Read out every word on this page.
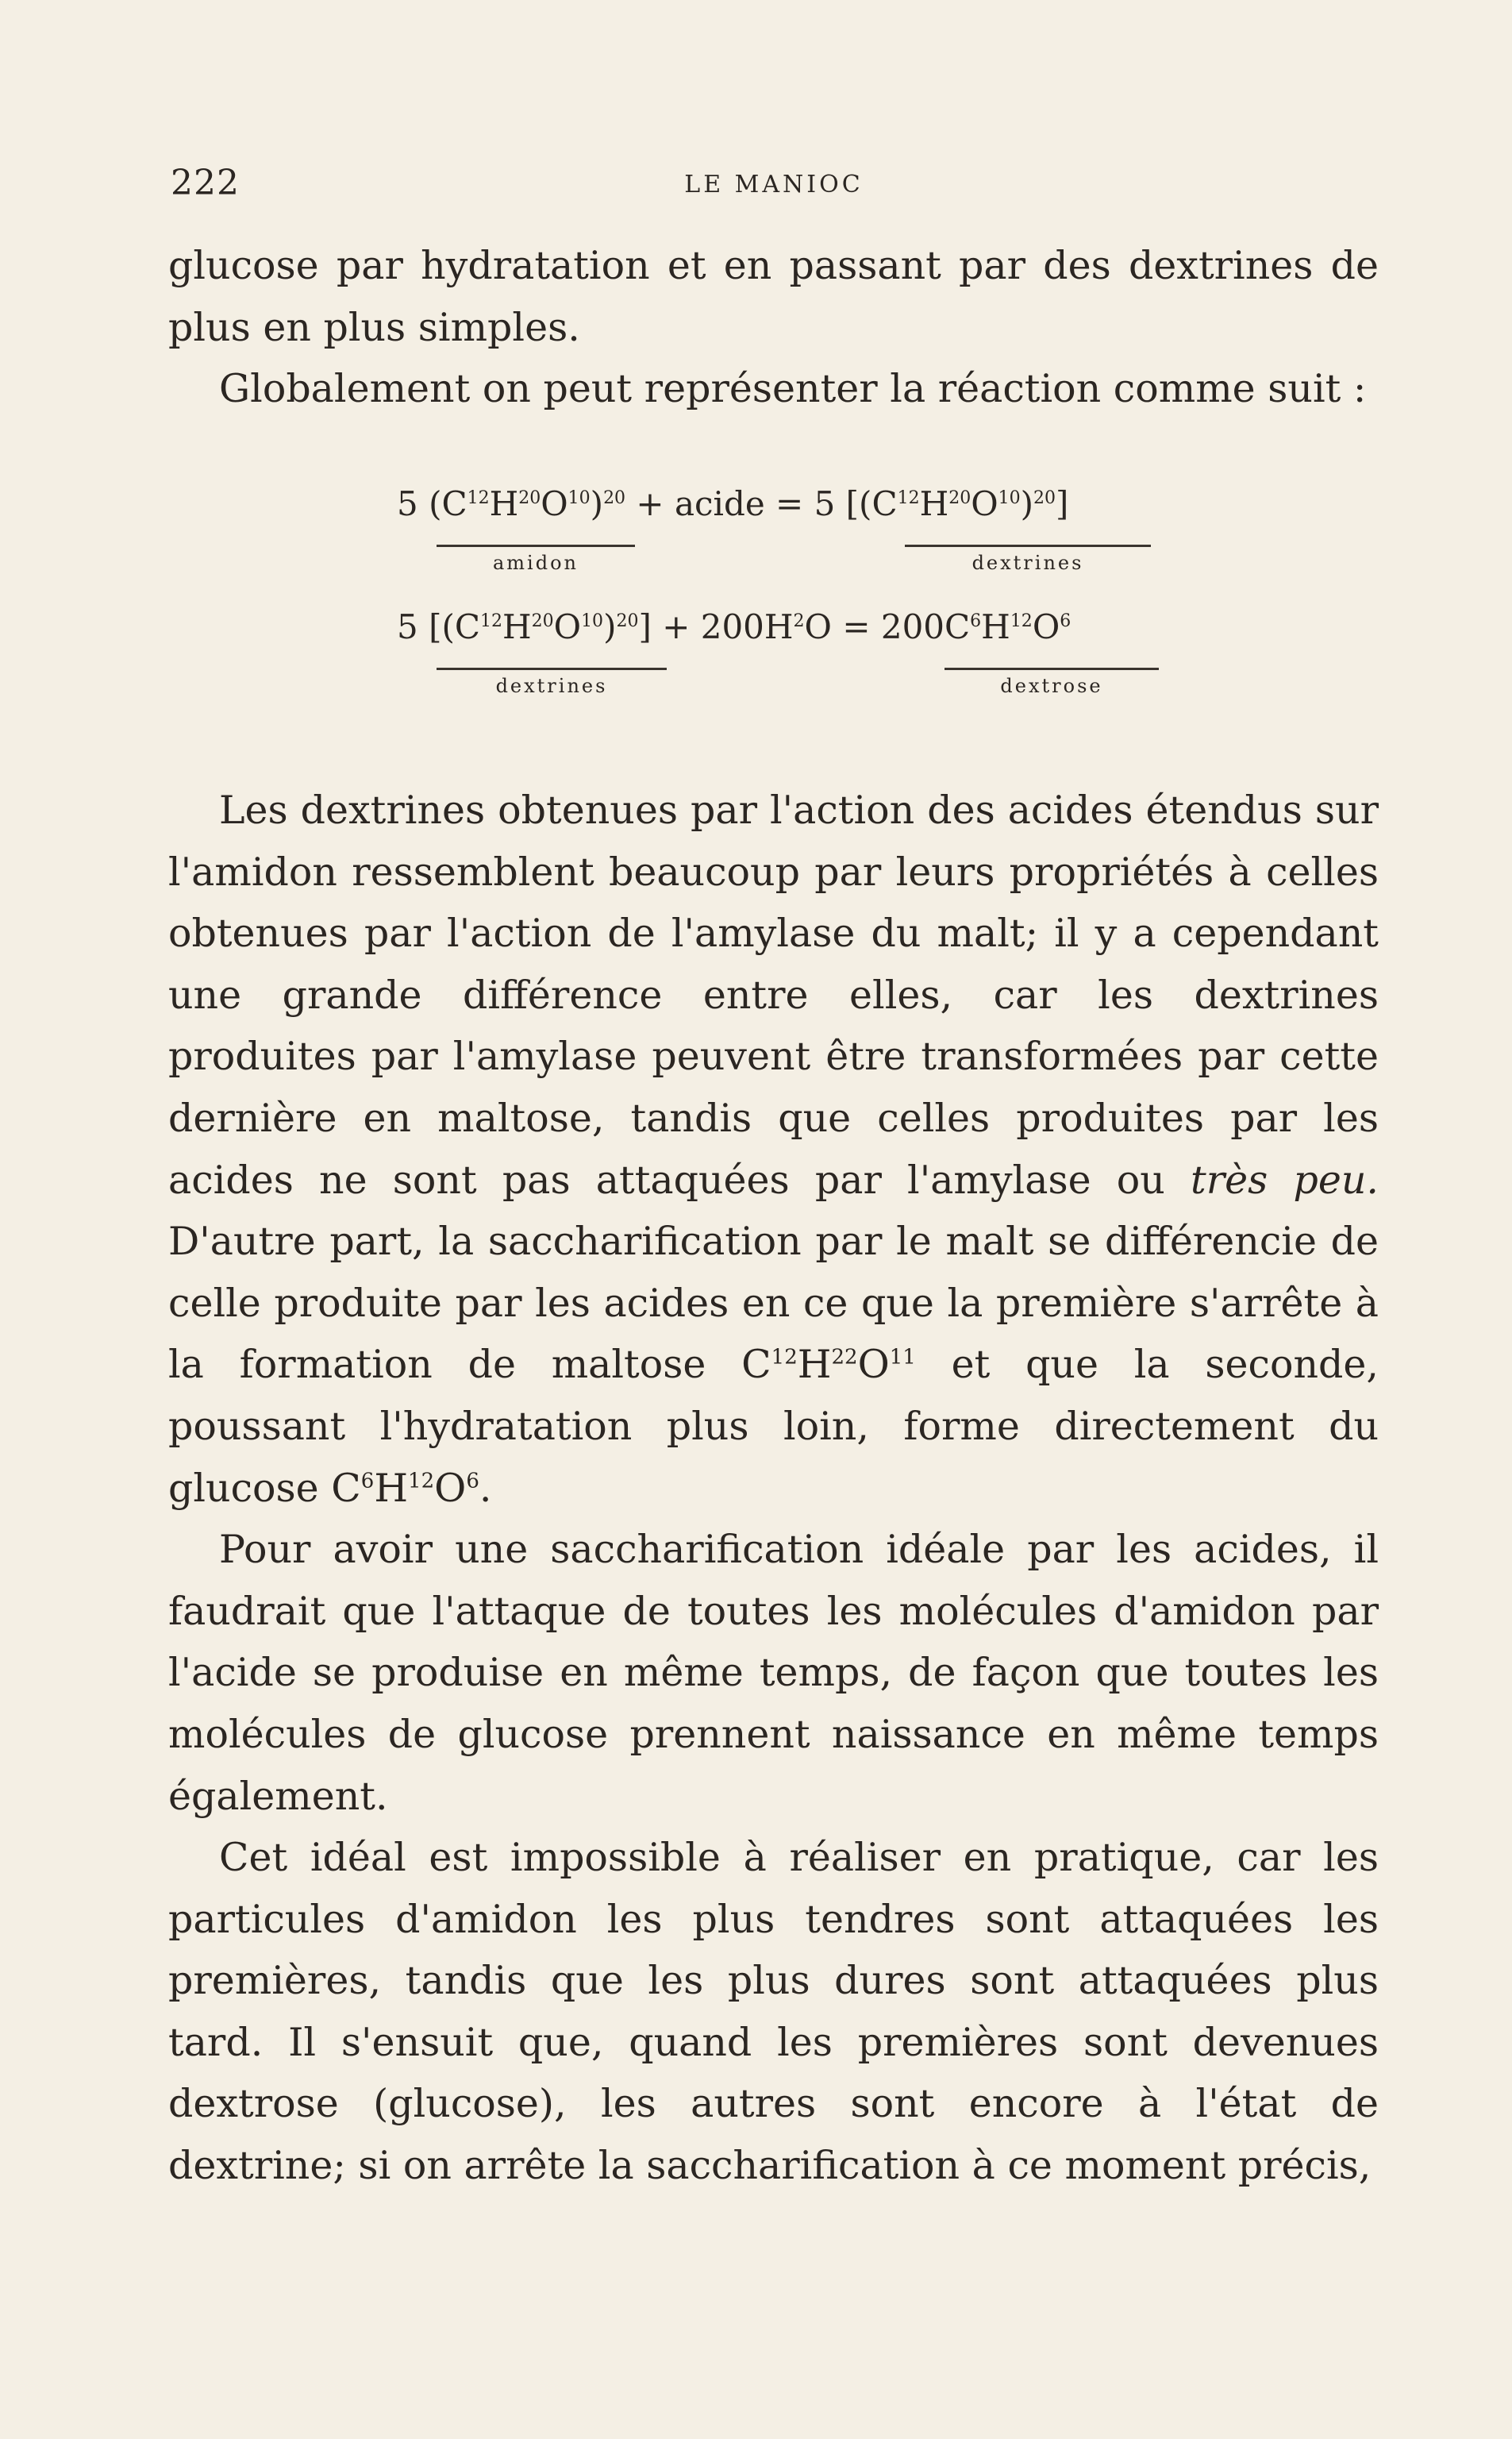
222	LE MANIOC

glucose par hydratation et en passant par des dextrines de plus en plus simples.

Globalement on peut représenter la réaction comme suit :

5 $(C^{12}H^{20}O^{10})^{20}$ + acide = 5 $[(C^{12}H^{20}O^{10})^{20}]$
amidon	dextrines
5 $[(C^{12}H^{20}O^{10})^{20}] + 200H^2O = 200C^6H^{12}O^6$
dextrines	dextrose

Les dextrines obtenues par l'action des acides étendus sur l'amidon ressemblent beaucoup par leurs propriétés à celles obtenues par l'action de l'amylase du malt; il y a cependant une grande différence entre elles, car les dextrines produites par l'amylase peuvent être transformées par cette dernière en maltose, tandis que celles produites par les acides ne sont pas attaquées par l'amylase ou très peu. D'autre part, la saccharification par le malt se différencie de celle produite par les acides en ce que la première s'arrête à la formation de maltose $C^{12}H^{22}O^{11}$ et que la seconde, poussant l'hydratation plus loin, forme directement du glucose $C^6H^{12}O^6$.

Pour avoir une saccharification idéale par les acides, il faudrait que l'attaque de toutes les molécules d'amidon par l'acide se produise en même temps, de façon que toutes les molécules de glucose prennent naissance en même temps également.

Cet idéal est impossible à réaliser en pratique, car les particules d'amidon les plus tendres sont attaquées les premières, tandis que les plus dures sont attaquées plus tard. Il s'ensuit que, quand les premières sont devenues dextrose (glucose), les autres sont encore à l'état de dextrine; si on arrête la saccharification à ce moment précis,
